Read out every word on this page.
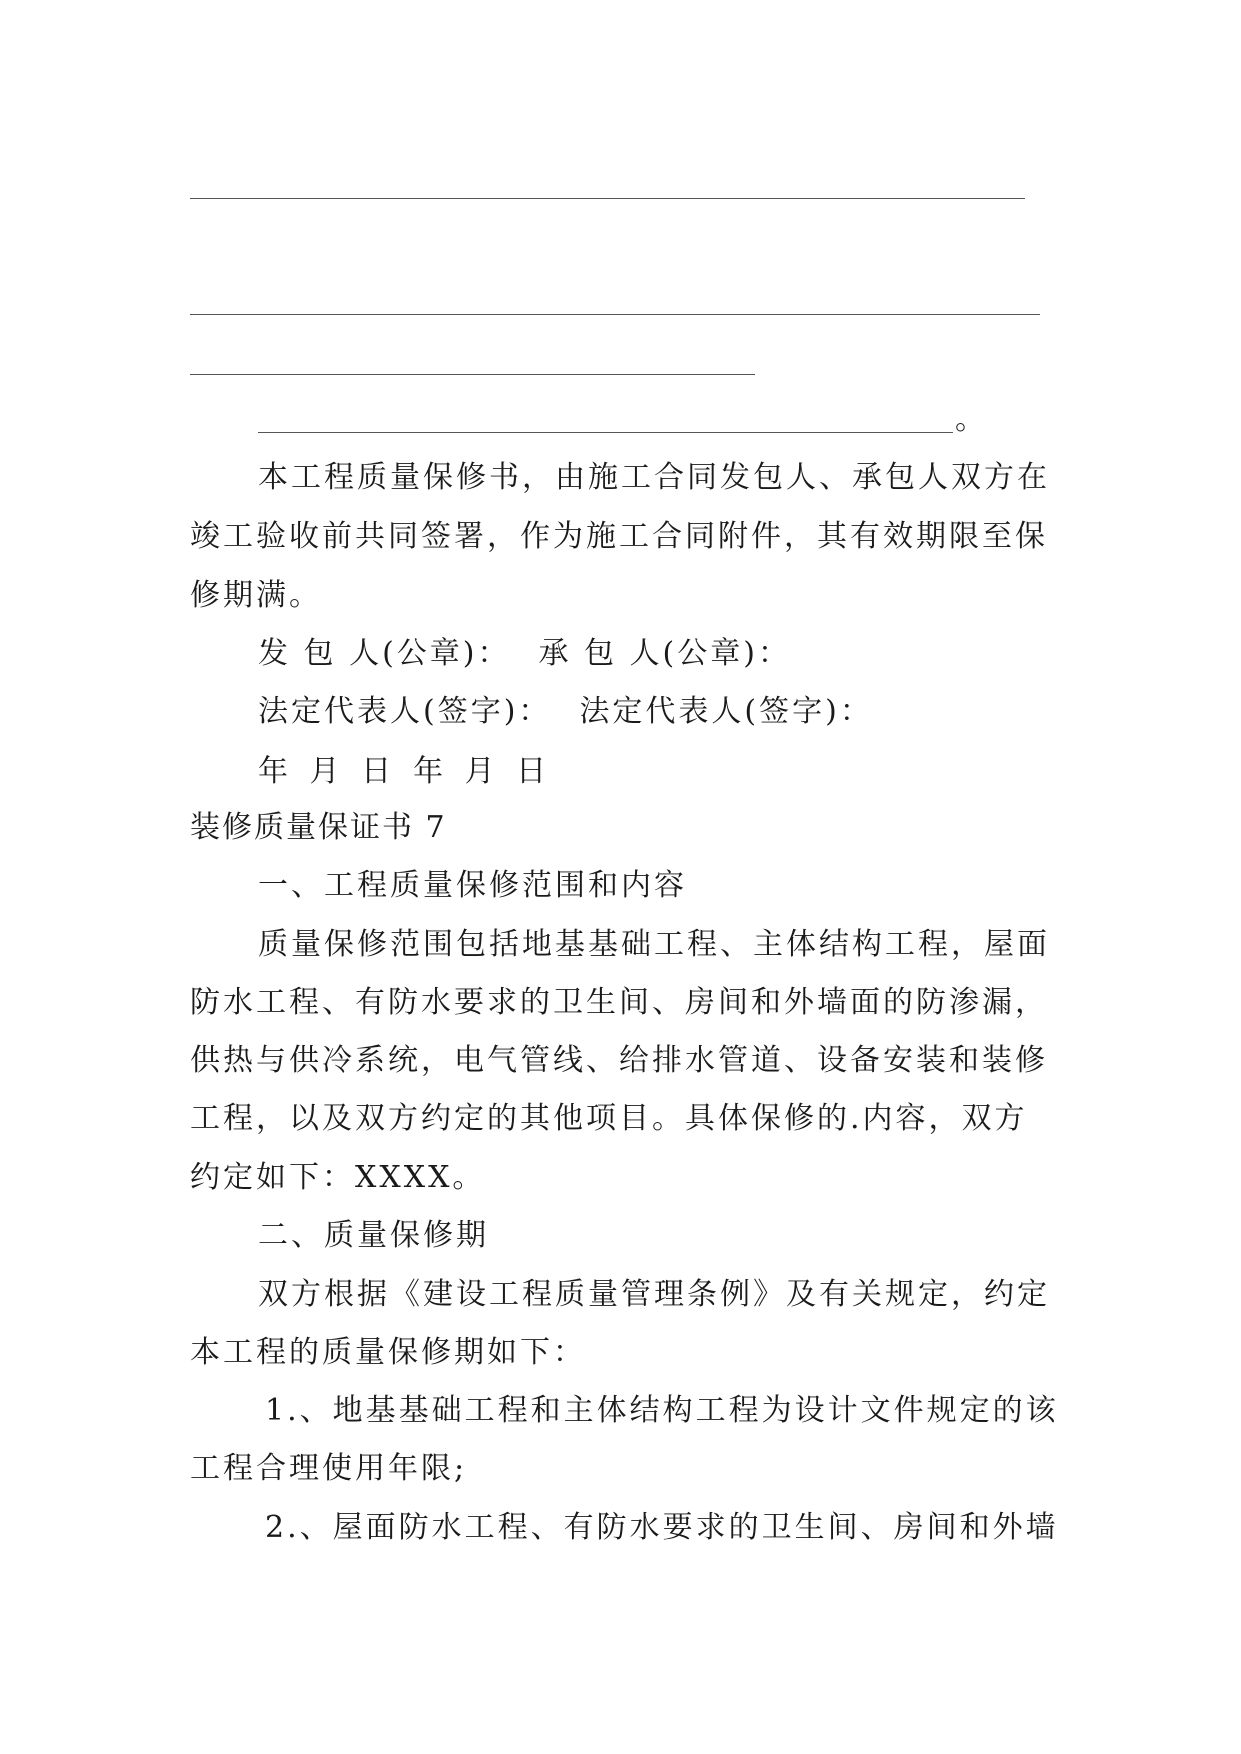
。
本工程质量保修书，由施工合同发包人、承包人双方在
竣工验收前共同签署，作为施工合同附件，其有效期限至保
修期满。
发 包 人(公章)： 承 包 人(公章)：
法定代表人(签字)： 法定代表人(签字)：
年 月 日 年 月 日
装修质量保证书 7
一、工程质量保修范围和内容
质量保修范围包括地基基础工程、主体结构工程，屋面
防水工程、有防水要求的卫生间、房间和外墙面的防渗漏，
供热与供冷系统，电气管线、给排水管道、设备安装和装修
工程，以及双方约定的其他项目。具体保修的.内容，双方
约定如下：XXXX。
二、质量保修期
双方根据《建设工程质量管理条例》及有关规定，约定
本工程的质量保修期如下：
1.、地基基础工程和主体结构工程为设计文件规定的该
工程合理使用年限;
2.、屋面防水工程、有防水要求的卫生间、房间和外墙
